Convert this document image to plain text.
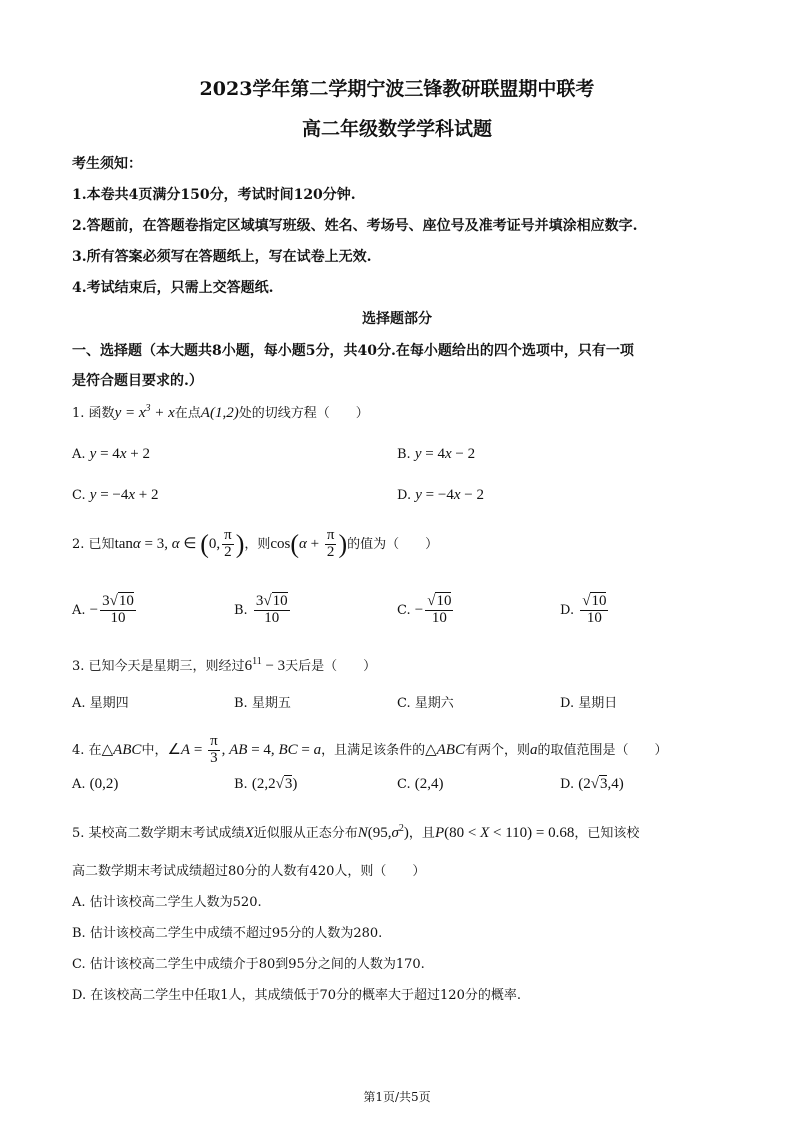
2023学年第二学期宁波三锋教研联盟期中联考
高二年级数学学科试题
考生须知：
1.本卷共4页满分150分，考试时间120分钟.
2.答题前，在答题卷指定区域填写班级、姓名、考场号、座位号及准考证号并填涂相应数字.
3.所有答案必须写在答题纸上，写在试卷上无效.
4.考试结束后，只需上交答题纸.
选择题部分
一、选择题（本大题共8小题，每小题5分，共40分.在每小题给出的四个选项中，只有一项
是符合题目要求的.）
1. 函数$y = x^3 + x$在点A(1,2)处的切线方程（　　）
A. y = 4x + 2	B. y = 4x − 2
C. y = −4x + 2	D. y = −4x − 2
2. 已知tanα = 3, α ∈ (0, $\frac{\pi}{2}$ )，则$\cos(\alpha + \frac{\pi}{2}$ )的值为（　　）
A. − $\frac{3√10}{10}$	B. $\frac{3√10}{10}$	C. − $\frac{√10}{10}$	D. $\frac{√10}{10}$
3. 已知今天是星期三，则经过$6^{11} - 3$天后是（　　）
A. 星期四	B. 星期五	C. 星期六	D. 星期日
4. 在△ABC中，∠A = $\frac{\pi}{3}$ , AB = 4, BC = a，且满足该条件的△ABC有两个，则a的取值范围是（　　）
A. (0,2)	B. (2,2√3)	C. (2,4)	D. (2√3,4)
5. 某校高二数学期末考试成绩X近似服从正态分布$N(95,\sigma^2)$，且P(80 < X < 110) = 0.68，已知该校
高二数学期末考试成绩超过80分的人数有420人，则（　　）
A. 估计该校高二学生人数为520.
B. 估计该校高二学生中成绩不超过95分的人数为280.
C. 估计该校高二学生中成绩介于80到95分之间的人数为170.
D. 在该校高二学生中任取1人，其成绩低于70分的概率大于超过120分的概率.
第1页/共5页
